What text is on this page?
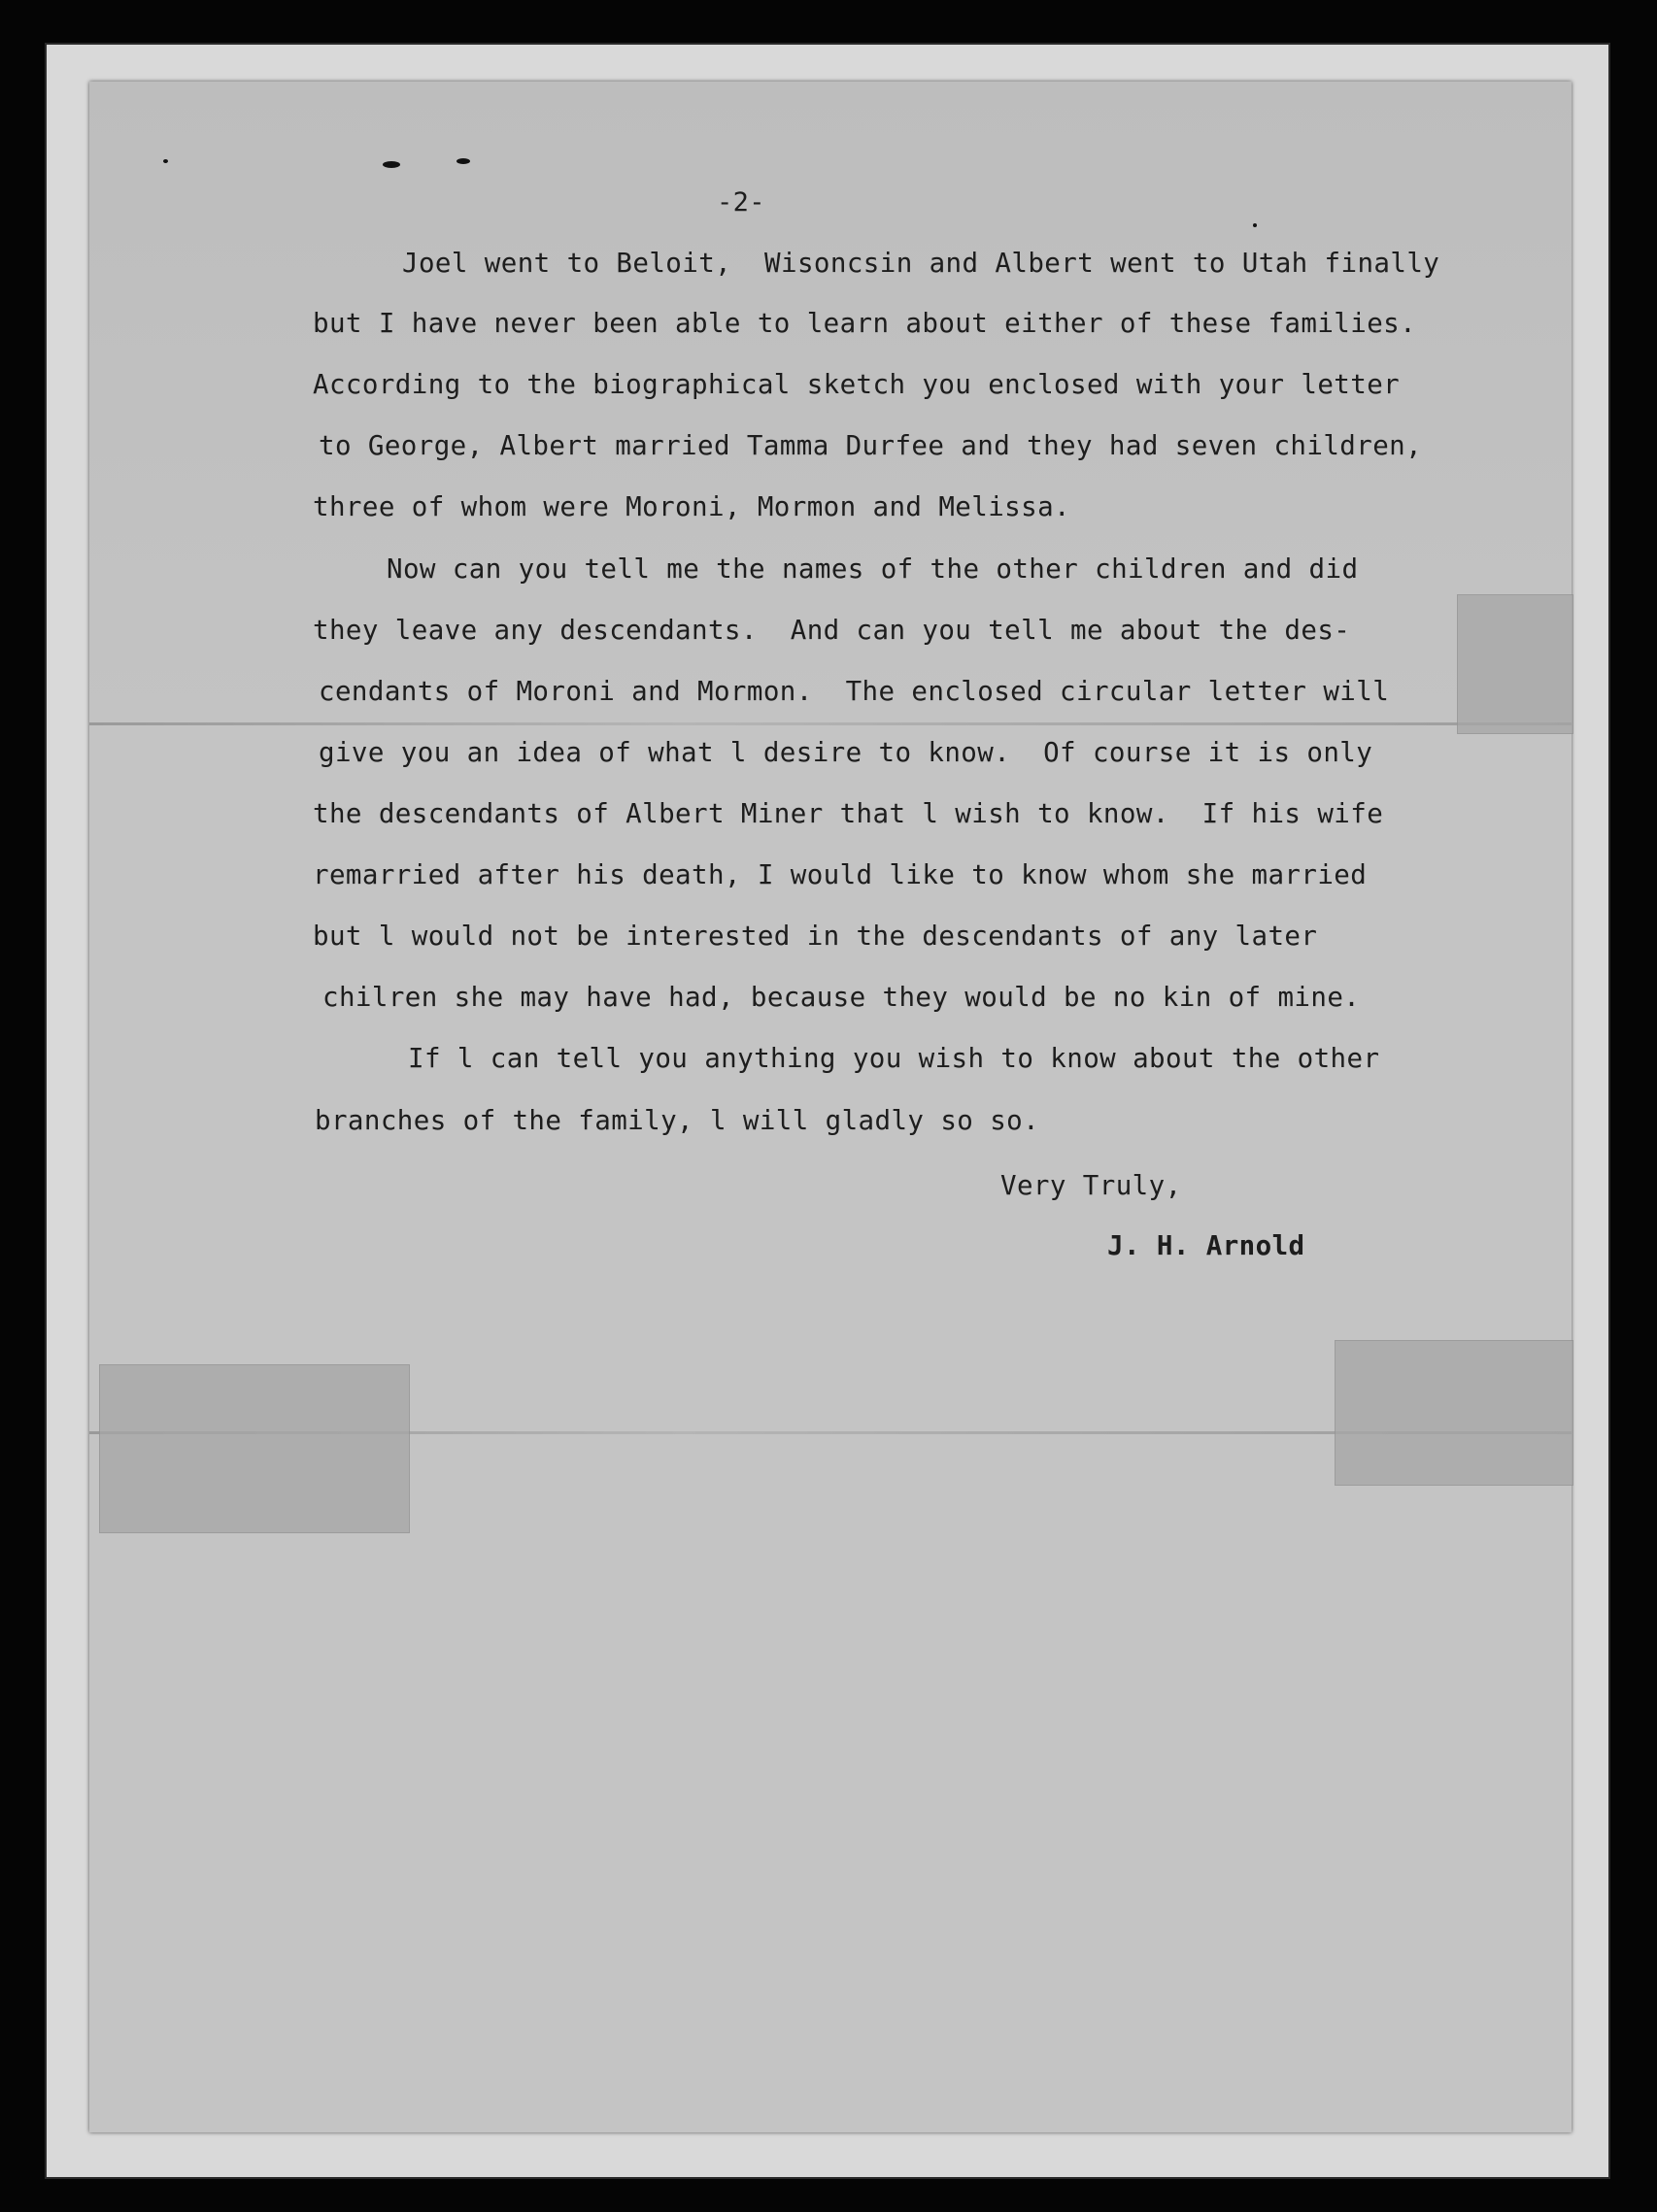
-2-
Joel went to Beloit,  Wisoncsin and Albert went to Utah finally
but I have never been able to learn about either of these families.
According to the biographical sketch you enclosed with your letter
to George, Albert married Tamma Durfee and they had seven children,
three of whom were Moroni, Mormon and Melissa.
Now can you tell me the names of the other children and did
they leave any descendants.  And can you tell me about the des-
cendants of Moroni and Mormon.  The enclosed circular letter will
give you an idea of what l desire to know.  Of course it is only
the descendants of Albert Miner that l wish to know.  If his wife
remarried after his death, I would like to know whom she married
but l would not be interested in the descendants of any later
chilren she may have had, because they would be no kin of mine.
If l can tell you anything you wish to know about the other
branches of the family, l will gladly so so.
Very Truly,
J. H. Arnold
